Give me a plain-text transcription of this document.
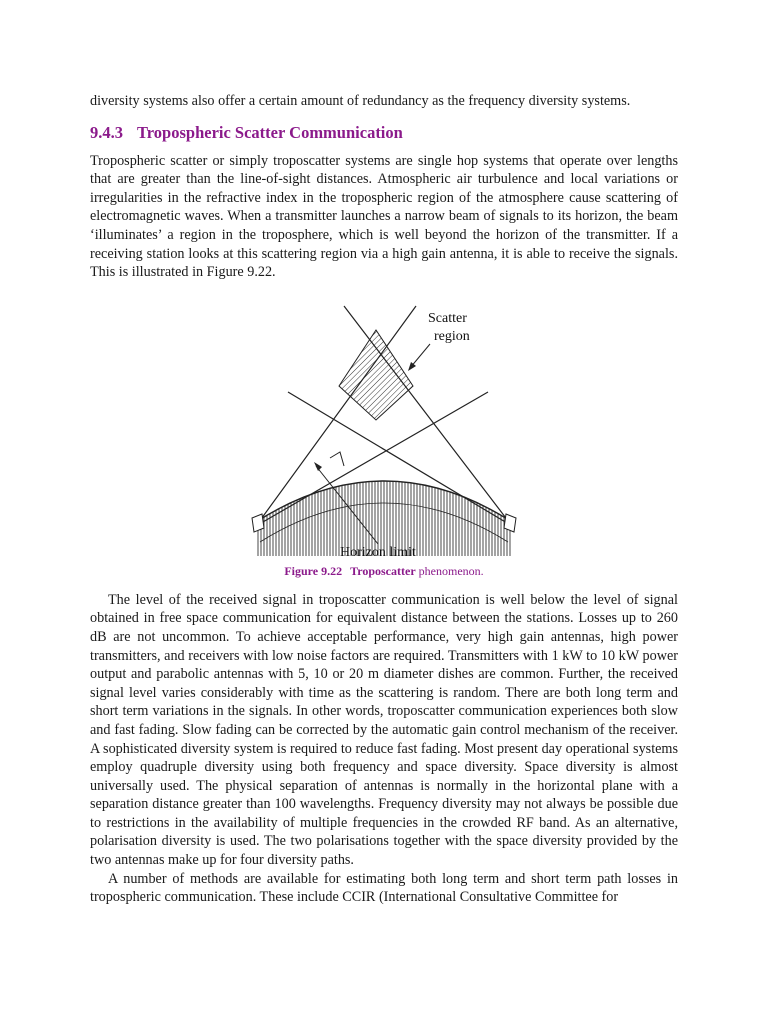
diversity systems also offer a certain amount of redundancy as the frequency diversity systems.

9.4.3 Tropospheric Scatter Communication

Tropospheric scatter or simply troposcatter systems are single hop systems that operate over lengths that are greater than the line-of-sight distances. Atmospheric air turbulence and local variations or irregularities in the refractive index in the tropospheric region of the atmosphere cause scattering of electromagnetic waves. When a transmitter launches a narrow beam of signals to its horizon, the beam ‘illuminates’ a region in the troposphere, which is well beyond the horizon of the transmitter. If a receiving station looks at this scattering region via a high gain antenna, it is able to receive the signals. This is illustrated in Figure 9.22.

Scatter
region
Horizon limit
Figure 9.22 Troposcatter phenomenon.

The level of the received signal in troposcatter communication is well below the level of signal obtained in free space communication for equivalent distance between the stations. Losses up to 260 dB are not uncommon. To achieve acceptable performance, very high gain antennas, high power transmitters, and receivers with low noise factors are required. Transmitters with 1 kW to 10 kW power output and parabolic antennas with 5, 10 or 20 m diameter dishes are common. Further, the received signal level varies considerably with time as the scattering is random. There are both long term and short term variations in the signals. In other words, troposcatter communication experiences both slow and fast fading. Slow fading can be corrected by the automatic gain control mechanism of the receiver. A sophisticated diversity system is required to reduce fast fading. Most present day operational systems employ quadruple diversity using both frequency and space diversity. Space diversity is almost universally used. The physical separation of antennas is normally in the horizontal plane with a separation distance greater than 100 wavelengths. Frequency diversity may not always be possible due to restrictions in the availability of multiple frequencies in the crowded RF band. As an alternative, polarisation diversity is used. The two polarisations together with the space diversity provided by the two antennas make up for four diversity paths.

A number of methods are available for estimating both long term and short term path losses in tropospheric communication. These include CCIR (International Consultative Committee for
